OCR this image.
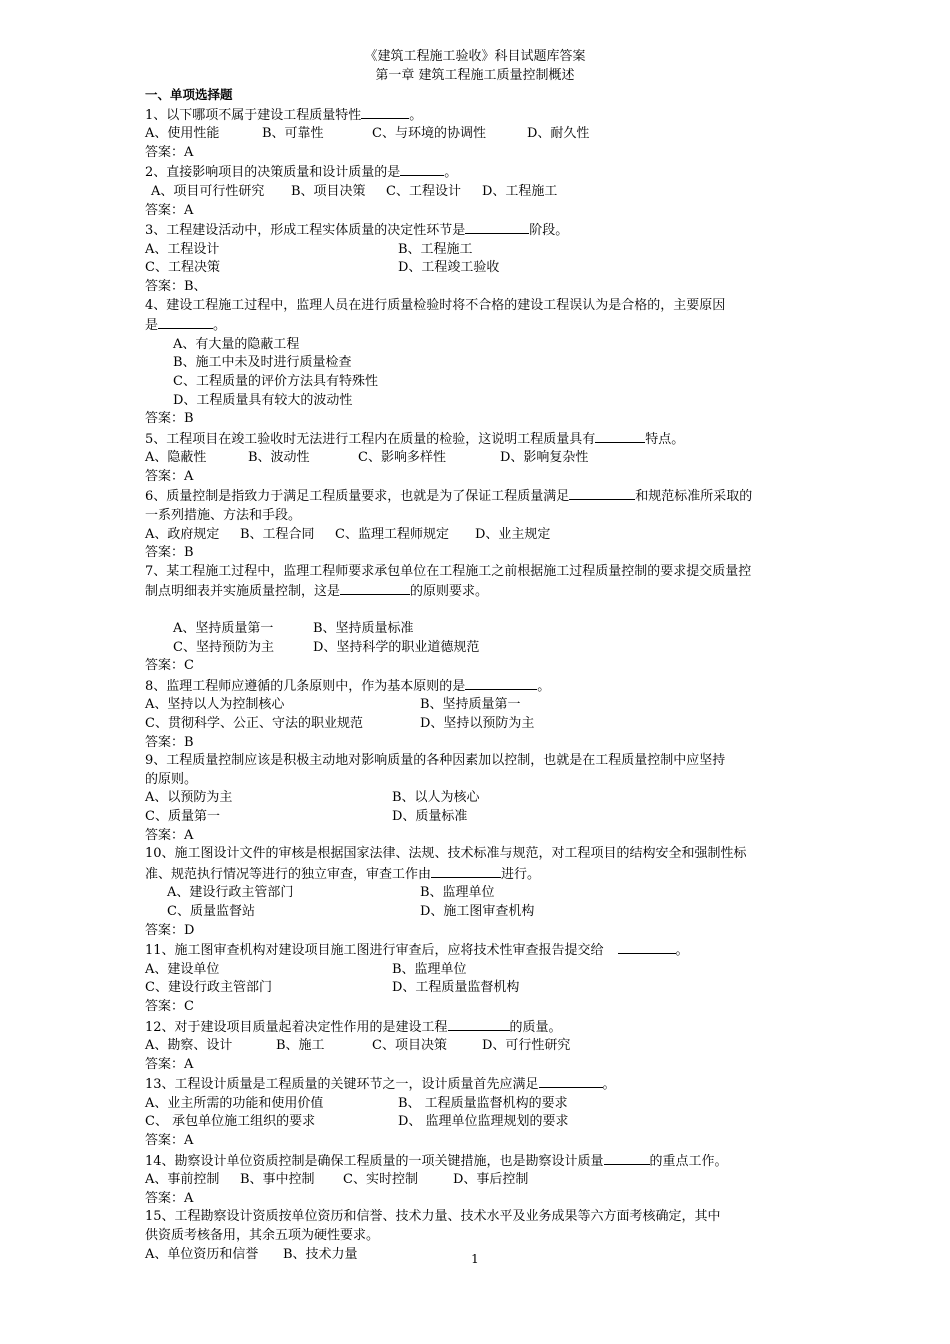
《建筑工程施工验收》科目试题库答案
第一章 建筑工程施工质量控制概述
一、单项选择题
1、以下哪项不属于建设工程质量特性	。
A、使用性能	B、可靠性	C、与环境的协调性	D、耐久性
答案：A
2、直接影响项目的决策质量和设计质量的是	。
A、项目可行性研究	B、项目决策	C、工程设计	D、工程施工
答案：A
3、工程建设活动中，形成工程实体质量的决定性环节是	阶段。
A、工程设计	B、工程施工
C、工程决策	D、工程竣工验收
答案：B、
4、建设工程施工过程中，监理人员在进行质量检验时将不合格的建设工程误认为是合格的，主要原因
是	。
A、有大量的隐蔽工程
B、施工中未及时进行质量检查
C、工程质量的评价方法具有特殊性
D、工程质量具有较大的波动性
答案：B
5、工程项目在竣工验收时无法进行工程内在质量的检验，这说明工程质量具有	特点。
A、隐蔽性	B、波动性	C、影响多样性	D、影响复杂性
答案：A
6、质量控制是指致力于满足工程质量要求，也就是为了保证工程质量满足	和规范标准所采取的
一系列措施、方法和手段。
A、政府规定	B、工程合同	C、监理工程师规定	D、业主规定
答案：B
7、某工程施工过程中，监理工程师要求承包单位在工程施工之前根据施工过程质量控制的要求提交质量控
制点明细表并实施质量控制，这是	的原则要求。
A、坚持质量第一	B、坚持质量标准
C、坚持预防为主	D、坚持科学的职业道德规范
答案：C
8、监理工程师应遵循的几条原则中，作为基本原则的是	。
A、坚持以人为控制核心	B、坚持质量第一
C、贯彻科学、公正、守法的职业规范	D、坚持以预防为主
答案：B
9、工程质量控制应该是积极主动地对影响质量的各种因素加以控制，也就是在工程质量控制中应坚持
的原则。
A、以预防为主	B、以人为核心
C、质量第一	D、质量标准
答案：A
10、施工图设计文件的审核是根据国家法律、法规、技术标准与规范，对工程项目的结构安全和强制性标
准、规范执行情况等进行的独立审查，审查工作由	进行。
A、建设行政主管部门	B、监理单位
C、质量监督站	D、施工图审查机构
答案：D
11、施工图审查机构对建设项目施工图进行审查后，应将技术性审查报告提交给	。
A、建设单位	B、监理单位
C、建设行政主管部门	D、工程质量监督机构
答案：C
12、对于建设项目质量起着决定性作用的是建设工程	的质量。
A、勘察、设计	B、施工	C、项目决策	D、可行性研究
答案：A
13、工程设计质量是工程质量的关键环节之一，设计质量首先应满足	。
A、业主所需的功能和使用价值	B、 工程质量监督机构的要求
C、 承包单位施工组织的要求	D、 监理单位监理规划的要求
答案：A
14、勘察设计单位资质控制是确保工程质量的一项关键措施，也是勘察设计质量	的重点工作。
A、事前控制	B、事中控制	C、实时控制	D、事后控制
答案：A
15、工程勘察设计资质按单位资历和信誉、技术力量、技术水平及业务成果等六方面考核确定，其中
供资质考核备用，其余五项为硬性要求。
A、单位资历和信誉	B、技术力量	1
